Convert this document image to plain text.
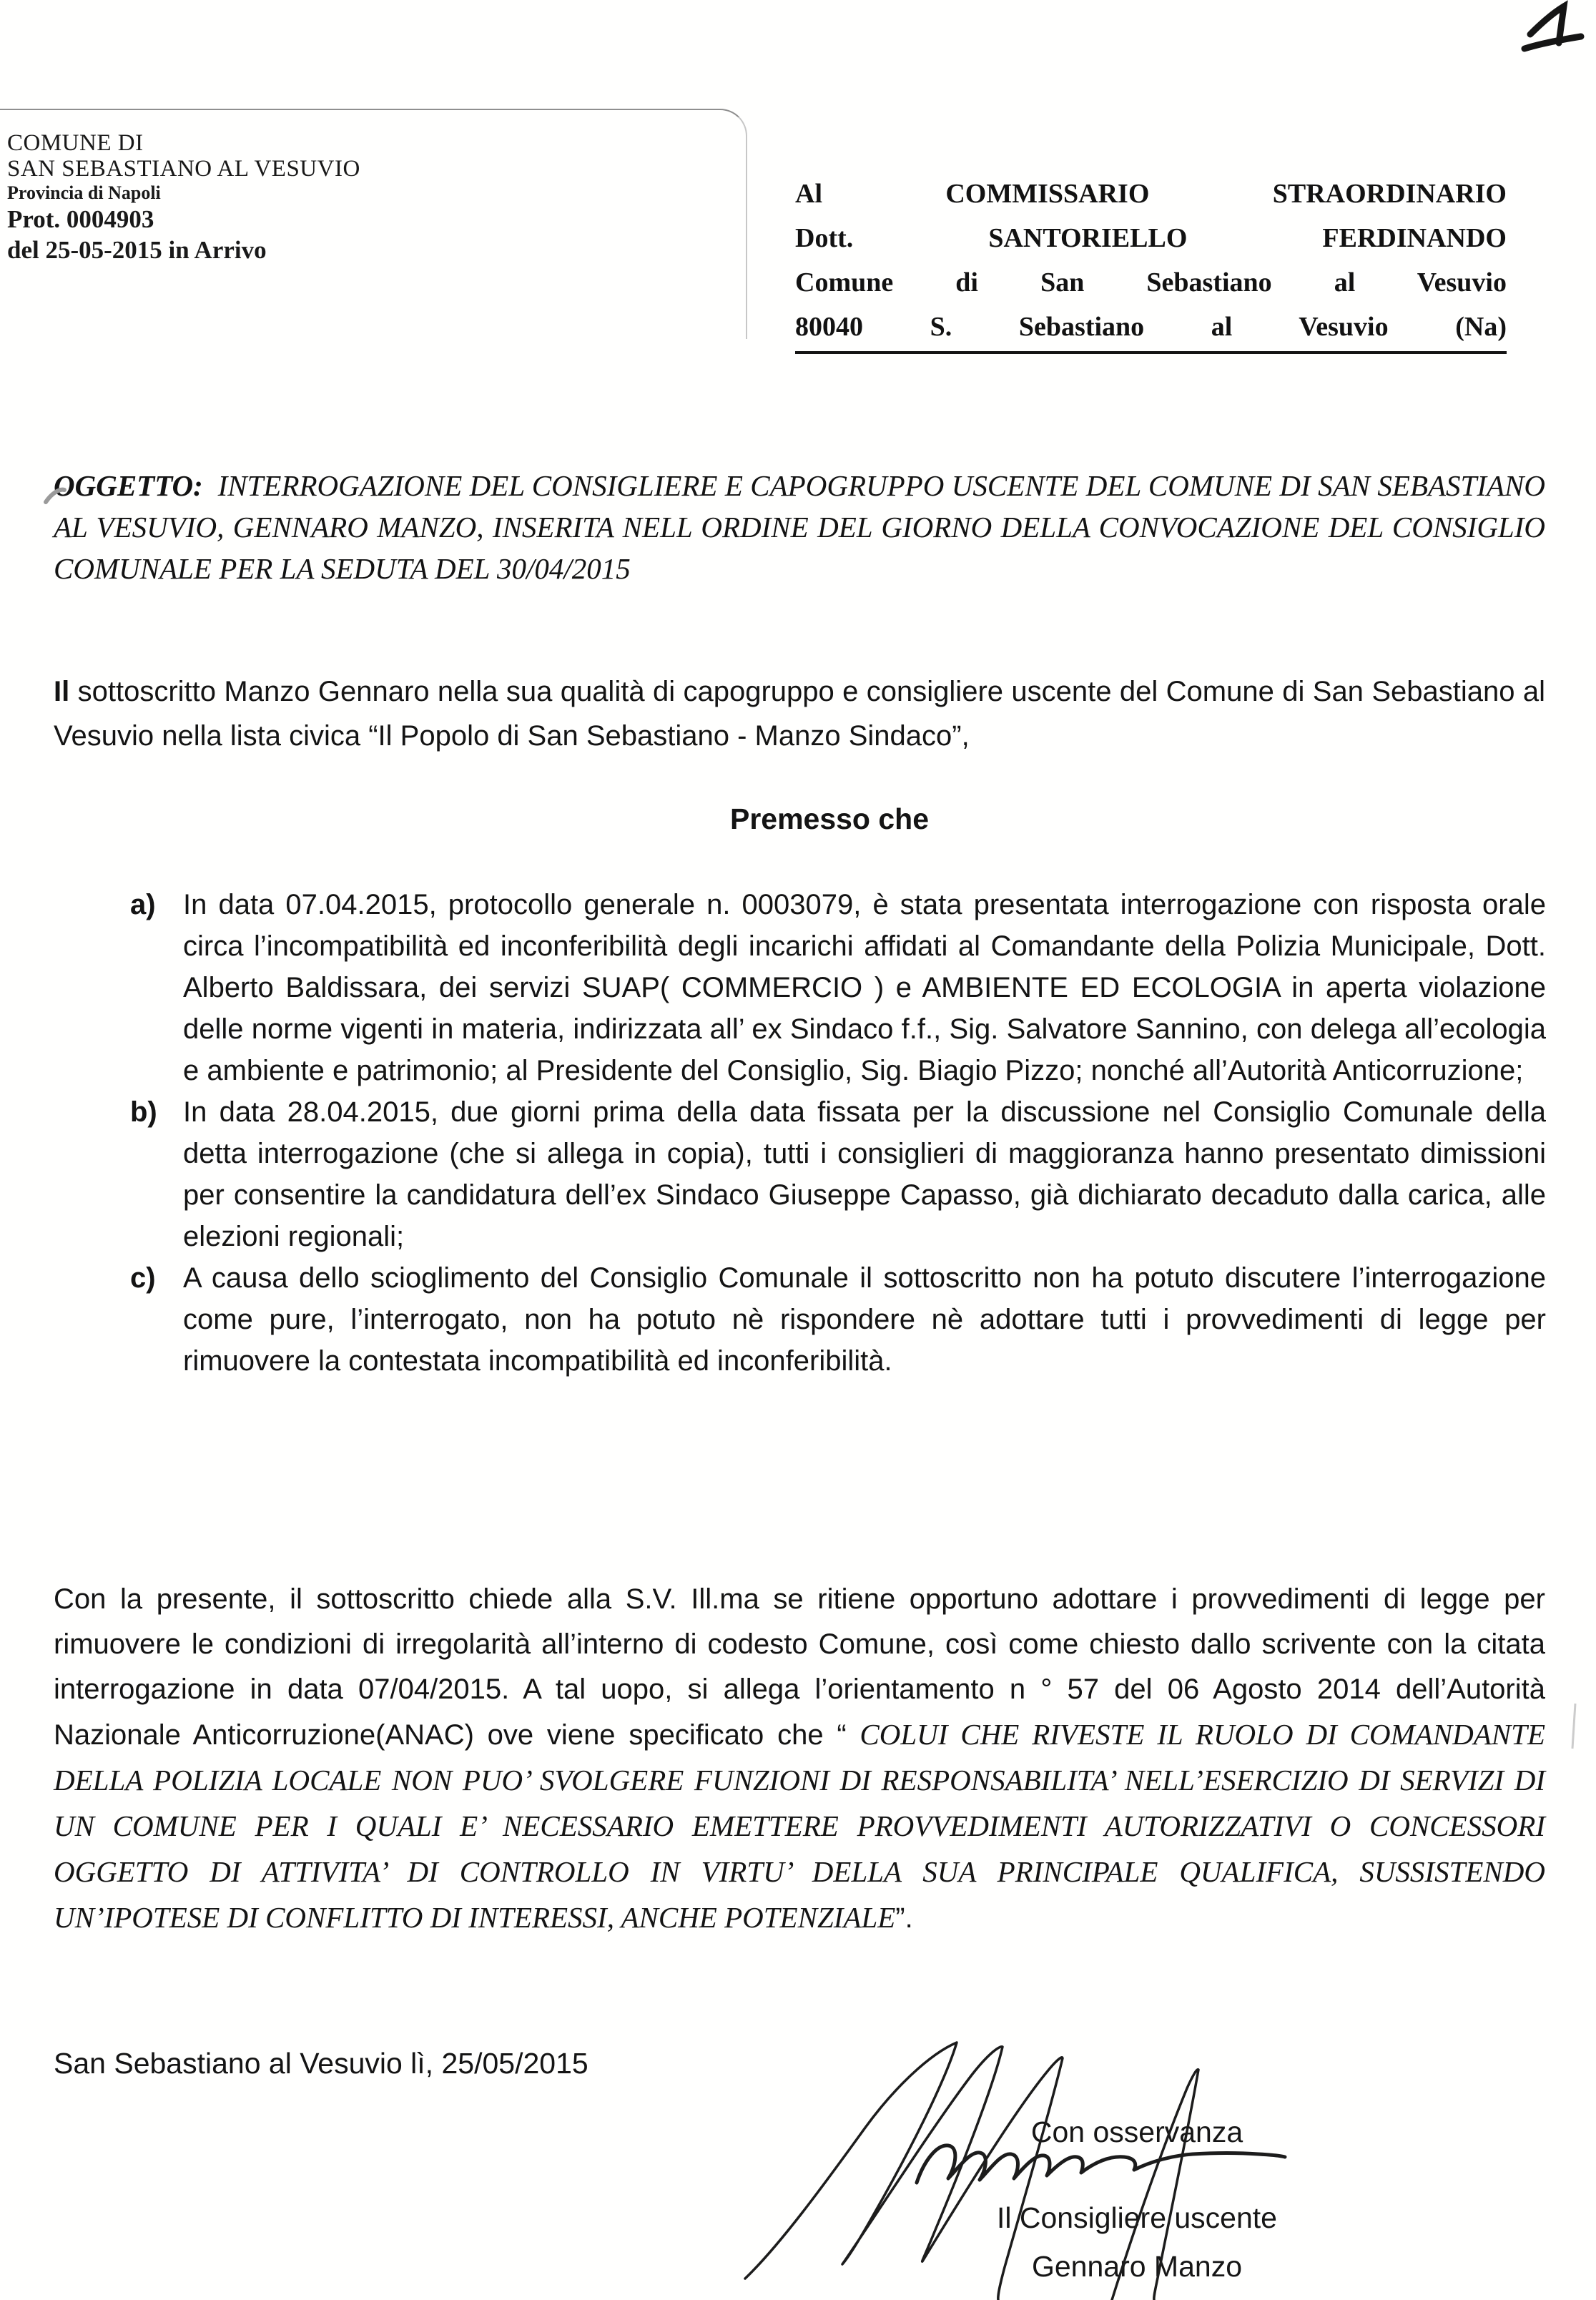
COMUNE DI
SAN SEBASTIANO AL VESUVIO
Provincia di Napoli
Prot. 0004903
del 25-05-2015 in Arrivo
Al COMMISSARIO STRAORDINARIO
Dott. SANTORIELLO FERDINANDO
Comune di San Sebastiano al Vesuvio
80040 S. Sebastiano al Vesuvio (Na)
OGGETTO: INTERROGAZIONE DEL CONSIGLIERE E CAPOGRUPPO USCENTE DEL COMUNE DI SAN SEBASTIANO AL VESUVIO, GENNARO MANZO, INSERITA NELL ORDINE DEL GIORNO DELLA CONVOCAZIONE DEL CONSIGLIO COMUNALE PER LA SEDUTA DEL 30/04/2015
Il sottoscritto Manzo Gennaro nella sua qualità di capogruppo e consigliere uscente del Comune di San Sebastiano al Vesuvio nella lista civica “Il Popolo di San Sebastiano - Manzo Sindaco”,
Premesso che
a) In data 07.04.2015, protocollo generale n. 0003079, è stata presentata interrogazione con risposta orale circa l’incompatibilità ed inconferibilità degli incarichi affidati al Comandante della Polizia Municipale, Dott. Alberto Baldissara, dei servizi SUAP( COMMERCIO ) e AMBIENTE ED ECOLOGIA in aperta violazione delle norme vigenti in materia, indirizzata all’ ex Sindaco f.f., Sig. Salvatore Sannino, con delega all’ecologia e ambiente e patrimonio; al Presidente del Consiglio, Sig. Biagio Pizzo; nonché all’Autorità Anticorruzione;
b) In data 28.04.2015, due giorni prima della data fissata per la discussione nel Consiglio Comunale della detta interrogazione (che si allega in copia), tutti i consiglieri di maggioranza hanno presentato dimissioni per consentire la candidatura dell’ex Sindaco Giuseppe Capasso, già dichiarato decaduto dalla carica, alle elezioni regionali;
c) A causa dello scioglimento del Consiglio Comunale il sottoscritto non ha potuto discutere l’interrogazione come pure, l’interrogato, non ha potuto nè rispondere nè adottare tutti i provvedimenti di legge per rimuovere la contestata incompatibilità ed inconferibilità.
Con la presente, il sottoscritto chiede alla S.V. Ill.ma se ritiene opportuno adottare i provvedimenti di legge per rimuovere le condizioni di irregolarità all’interno di codesto Comune, così come chiesto dallo scrivente con la citata interrogazione in data 07/04/2015. A tal uopo, si allega l’orientamento n ° 57 del 06 Agosto 2014 dell’Autorità Nazionale Anticorruzione(ANAC) ove viene specificato che “ COLUI CHE RIVESTE IL RUOLO DI COMANDANTE DELLA POLIZIA LOCALE NON PUO’ SVOLGERE FUNZIONI DI RESPONSABILITA’ NELL’ESERCIZIO DI SERVIZI DI UN COMUNE PER I QUALI E’ NECESSARIO EMETTERE PROVVEDIMENTI AUTORIZZATIVI O CONCESSORI OGGETTO DI ATTIVITA’ DI CONTROLLO IN VIRTU’ DELLA SUA PRINCIPALE QUALIFICA, SUSSISTENDO UN’IPOTESE DI CONFLITTO DI INTERESSI, ANCHE POTENZIALE”.
San Sebastiano al Vesuvio lì, 25/05/2015
Con osservanza
Il Consigliere uscente
Gennaro Manzo
